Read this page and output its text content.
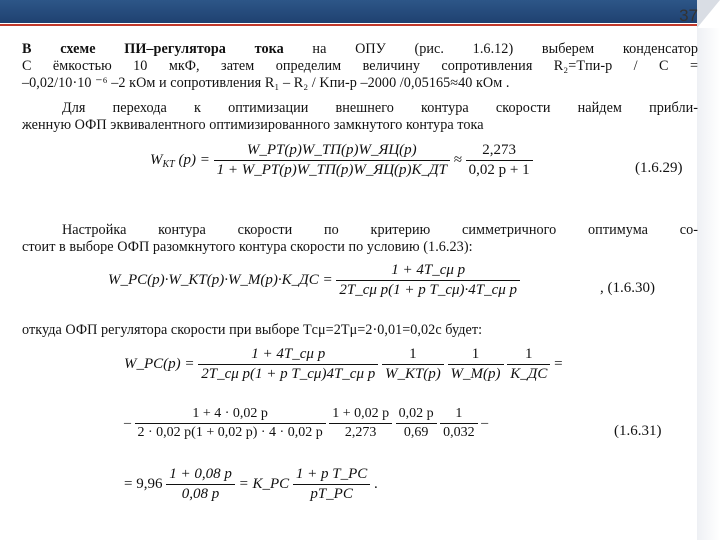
37
В схеме ПИ–регулятора тока на ОПУ (рис. 1.6.12) выберем конденсатор
С ёмкостью 10 мкФ, затем определим величину сопротивления R₂=Tпи-р / С =
–0,02/10·10 ⁻⁶ –2 кОм и сопротивления R₁ – R₂ / Kпи-р –2000 /0,05165≈40 кОм .
Для перехода к оптимизации внешнего контура скорости найдем прибли-
женную ОФП эквивалентного оптимизированного замкнутого контура тока
$W_{КТ}$ $(p) = \frac{W\_РТ(p)W\_ТП(p)W\_ЯЦ(p)}{1 + W\_РТ(p)W\_ТП(p)W\_ЯЦ(p)K\_ДТ} \approx \frac{2,273}{0,02 p + 1}$	(1.6.29)
Настройка контура скорости по критерию симметричного оптимума со-
стоит в выборе ОФП разомкнутого контура скорости по условию (1.6.23):
W_РС(p)·W_КТ(p)·W_М(p)·K_ДС = $\frac{\text{1 + 4T\_сμ p}}{\text{2T\_сμ p(1 + p T\_сμ)·4T\_сμ p}}$	, (1.6.30)
откуда ОФП регулятора скорости при выборе Tсμ=2Tμ=2·0,01=0,02с будет:
W_РС(p) = $\frac{\text{1 + 4T\_сμ p}}{\text{2T\_сμ p(1 + p T\_сμ)4T\_сμ p}}$
$\frac{1}{W\_КТ(p)}$
$\frac{1}{W\_М(p)}$
$\frac{1}{K\_ДС}$ =
– $\frac{1 + 4 \cdot 0,02 p}{2 \cdot 0,02 p(1 + 0,02 p) \cdot 4 \cdot 0,02 p}$
$\frac{1 + 0,02 p}{2,273}$
$\frac{0,02 p}{0,69}$
$\frac{1}{0,032}$ –	(1.6.31)
= $9,96 \frac{1 + 0,08 p}{0,08 p}$ = K_РС $\frac{\text{1 + p T\_РС}}{pT\_РС}$ .
